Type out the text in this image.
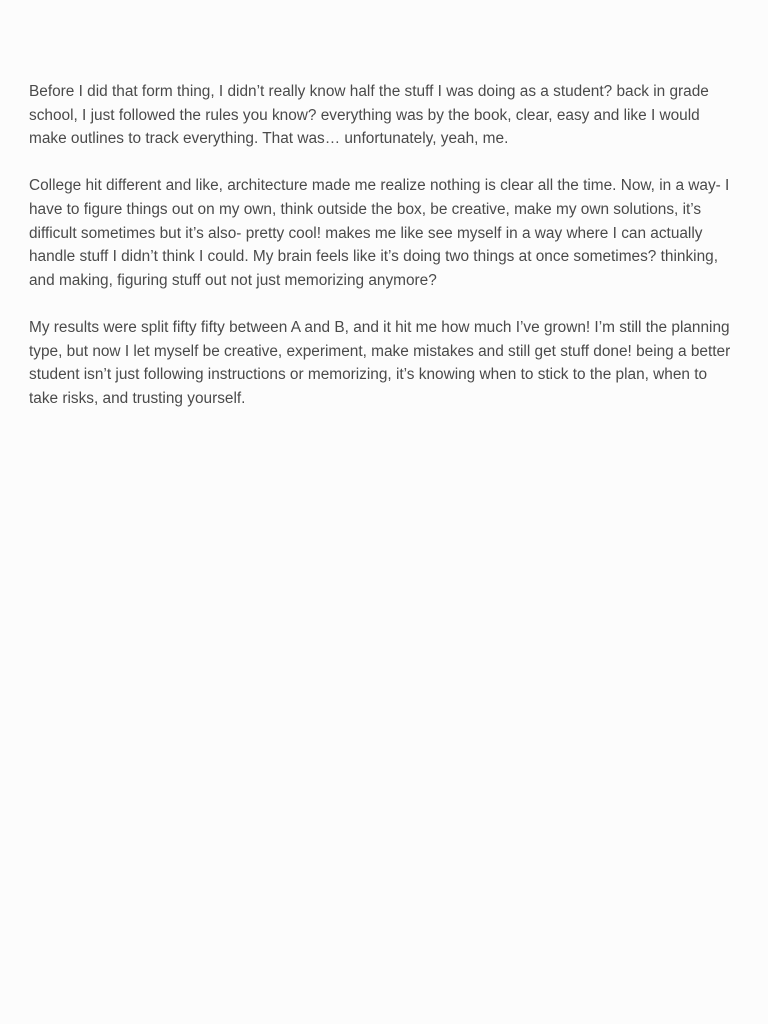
Before I did that form thing, I didn’t really know half the stuff I was doing as a student? back in grade school, I just followed the rules you know? everything was by the book, clear, easy and like I would make outlines to track everything. That was… unfortunately, yeah, me.

College hit different and like, architecture made me realize nothing is clear all the time. Now, in a way- I have to figure things out on my own, think outside the box, be creative, make my own solutions, it’s difficult sometimes but it’s also- pretty cool! makes me like see myself in a way where I can actually handle stuff I didn’t think I could. My brain feels like it’s doing two things at once sometimes? thinking, and making, figuring stuff out not just memorizing anymore?

My results were split fifty fifty between A and B, and it hit me how much I’ve grown! I’m still the planning type, but now I let myself be creative, experiment, make mistakes and still get stuff done! being a better student isn’t just following instructions or memorizing, it’s knowing when to stick to the plan, when to take risks, and trusting yourself.
